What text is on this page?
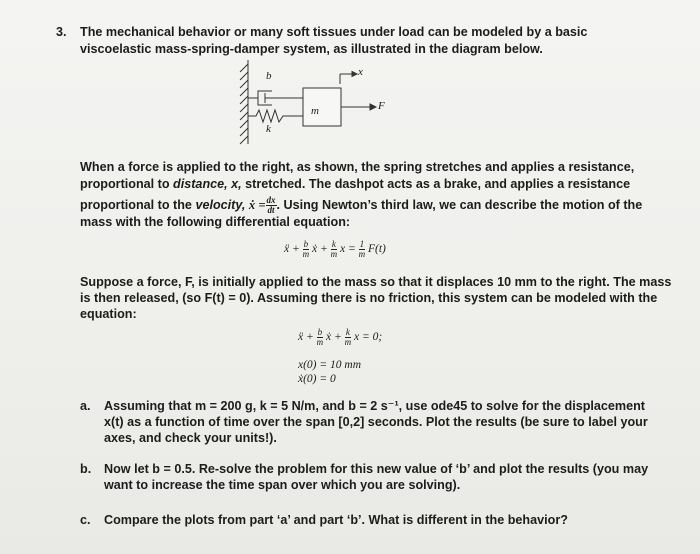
3. The mechanical behavior or many soft tissues under load can be modeled by a basic
viscoelastic mass-spring-damper system, as illustrated in the diagram below.
b
k
m
x
F
When a force is applied to the right, as shown, the spring stretches and applies a resistance,
proportional to distance, x, stretched. The dashpot acts as a brake, and applies a resistance
proportional to the velocity, ẋ = $\frac{dx}{dt}$ . Using Newton’s third law, we can describe the motion of the
mass with the following differential equation:
ẍ + $\frac{b}{m}$ ẋ + $\frac{k}{m}$ $x = \frac{1}{m} F(t)$
Suppose a force, F, is initially applied to the mass so that it displaces 10 mm to the right. The mass
is then released, (so F(t) = 0). Assuming there is no friction, this system can be modeled with the
equation:
ẍ + $\frac{b}{m}$ ẋ + $\frac{k}{m}$ x = 0;
x(0) = 10 mm
ẋ(0) = 0
a. Assuming that m = 200 g, k = 5 N/m, and b = 2 s⁻¹, use ode45 to solve for the displacement
x(t) as a function of time over the span [0,2] seconds. Plot the results (be sure to label your
axes, and check your units!).
b. Now let b = 0.5. Re-solve the problem for this new value of ‘b’ and plot the results (you may
want to increase the time span over which you are solving).
c. Compare the plots from part ‘a’ and part ‘b’. What is different in the behavior?
